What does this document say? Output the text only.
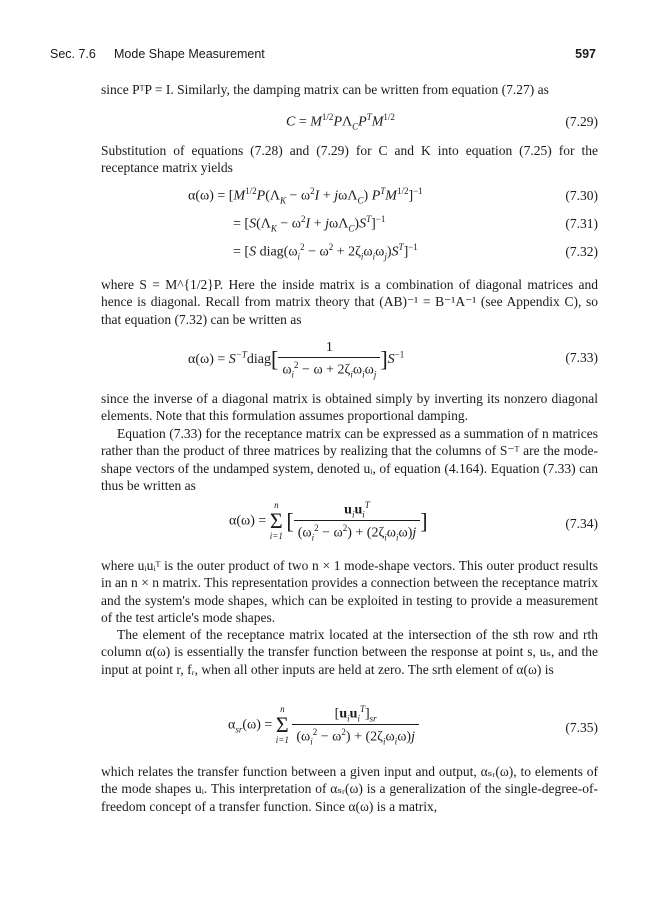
Sec. 7.6 Mode Shape Measurement	597

since PᵀP = I. Similarly, the damping matrix can be written from equation (7.27) as

$C = M^{1/2}P\Lambda_CP^TM^{1/2}$	(7.29)

Substitution of equations (7.28) and (7.29) for C and K into equation (7.25) for the receptance matrix yields

$\alpha(\omega) = [M^{1/2}P(\Lambda_K - \omega^2I + j\omega\Lambda_C)$ $P^TM^{1/2}]^{-1}$	(7.30)
= $[S(\Lambda_K - \omega^2I + j\omega\Lambda_C)S^T]^{-1}$	(7.31)
= [S $diag(\omega_i^2 - \omega^2 + 2\zeta_i\omega_i\omega_j)S^T]^{-1}$	(7.32)

where S = M^{1/2}P. Here the inside matrix is a combination of diagonal matrices and hence is diagonal. Recall from matrix theory that (AB)⁻¹ = B⁻¹A⁻¹ (see Appendix C), so that equation (7.32) can be written as

$\alpha(\omega) = S^{-T}diag[ \frac{1}{\omega_i^2 - \omega + 2\zeta_i\omega_i\omega_j} ]S^{-1}$	(7.33)

since the inverse of a diagonal matrix is obtained simply by inverting its nonzero diagonal elements. Note that this formulation assumes proportional damping.

Equation (7.33) for the receptance matrix can be expressed as a summation of n matrices rather than the product of three matrices by realizing that the columns of S⁻ᵀ are the mode-shape vectors of the undamped system, denoted uᵢ, of equation (4.164). Equation (7.33) can thus be written as

α(ω) =
n
Σ
i=1
[ $\frac{u_iu_i^T}{(\omega_i^2 - \omega^2) + (2\zeta_i\omega_i\omega)j}$ ]	(7.34)

where uᵢuᵢᵀ is the outer product of two n × 1 mode-shape vectors. This outer product results in an n × n matrix. This representation provides a connection between the receptance matrix and the system's mode shapes, which can be exploited in testing to provide a measurement of the test article's mode shapes.

The element of the receptance matrix located at the intersection of the sth row and rth column α(ω) is essentially the transfer function between the response at point s, uₛ, and the input at point r, fᵣ, when all other inputs are held at zero. The srth element of α(ω) is

$\alpha_{sr}(\omega)$ =
n
Σ
i=1
$\frac{[u_iu_i^T]_{sr}}{(\omega_i^2 - \omega^2) + (2\zeta_i\omega_i\omega)j}$	(7.35)

which relates the transfer function between a given input and output, αₛᵣ(ω), to elements of the mode shapes uᵢ. This interpretation of αₛᵣ(ω) is a generalization of the single-degree-of-freedom concept of a transfer function. Since α(ω) is a matrix,
